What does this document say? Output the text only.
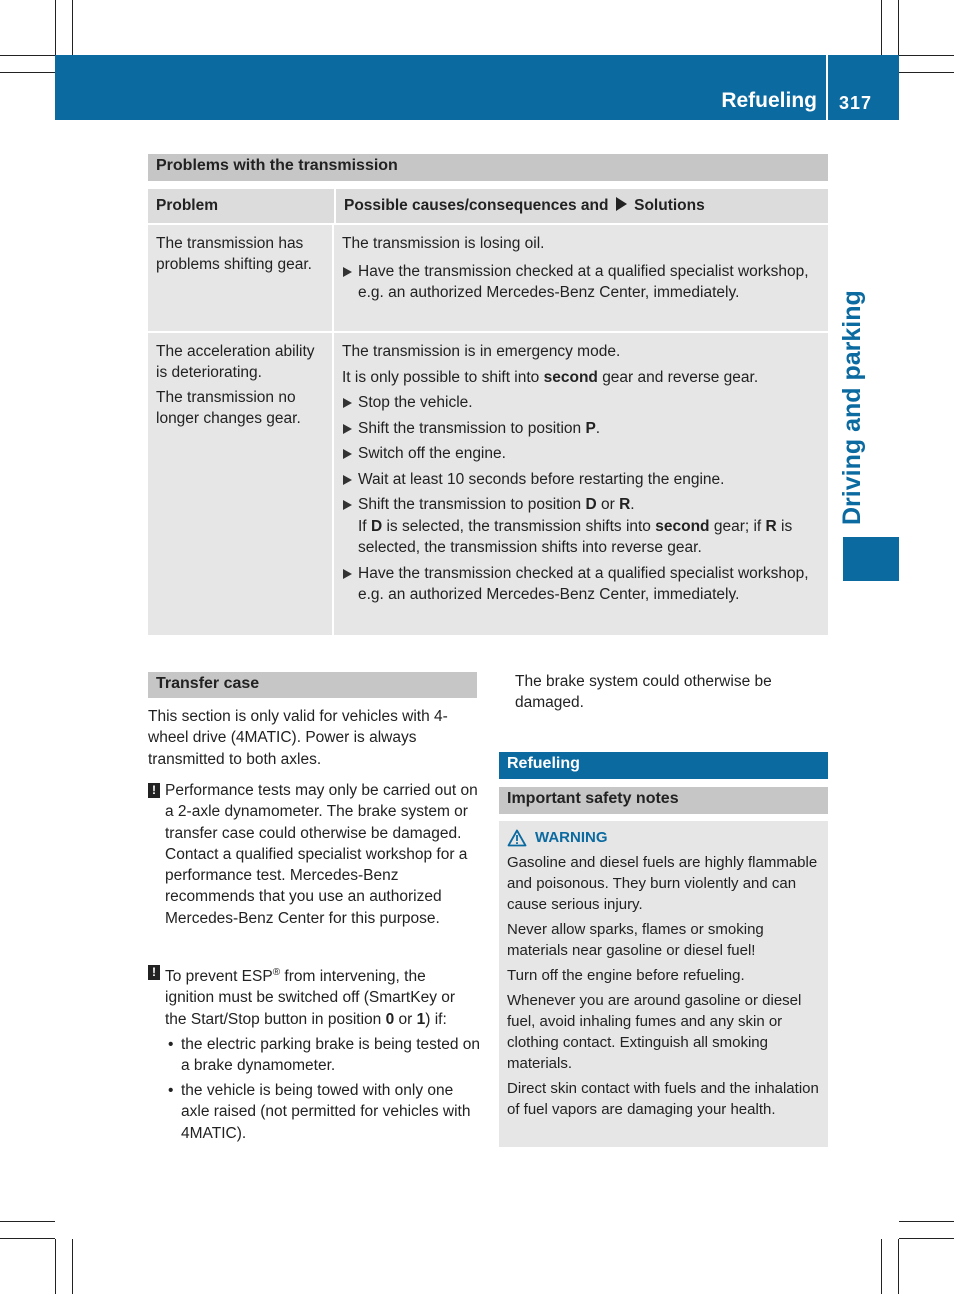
Refueling 317
Driving and parking
Problems with the transmission
Problem	Possible causes/consequences and Solutions
The transmission has problems shifting gear.

The transmission is losing oil.

Have the transmission checked at a qualified specialist workshop, e.g. an authorized Mercedes-Benz Center, immediately.

The acceleration ability is deteriorating.

The transmission no longer changes gear.

The transmission is in emergency mode.

It is only possible to shift into second gear and reverse gear.

Stop the vehicle.

Shift the transmission to position P.

Switch off the engine.

Wait at least 10 seconds before restarting the engine.

Shift the transmission to position D or R.
If D is selected, the transmission shifts into second gear; if R is selected, the transmission shifts into reverse gear.

Have the transmission checked at a qualified specialist workshop, e.g. an authorized Mercedes-Benz Center, immediately.

Transfer case
This section is only valid for vehicles with 4-wheel drive (4MATIC). Power is always transmitted to both axles.
! Performance tests may only be carried out on a 2-axle dynamometer. The brake system or transfer case could otherwise be damaged. Contact a qualified specialist workshop for a performance test. Mercedes-Benz recommends that you use an authorized Mercedes-Benz Center for this purpose.
! To prevent ESP® from intervening, the ignition must be switched off (SmartKey or the Start/Stop button in position 0 or 1) if:
• the electric parking brake is being tested on a brake dynamometer.
• the vehicle is being towed with only one axle raised (not permitted for vehicles with 4MATIC).
The brake system could otherwise be damaged.
Refueling
Important safety notes
WARNING

Gasoline and diesel fuels are highly flammable and poisonous. They burn violently and can cause serious injury.

Never allow sparks, flames or smoking materials near gasoline or diesel fuel!

Turn off the engine before refueling.

Whenever you are around gasoline or diesel fuel, avoid inhaling fumes and any skin or clothing contact. Extinguish all smoking materials.

Direct skin contact with fuels and the inhalation of fuel vapors are damaging your health.
